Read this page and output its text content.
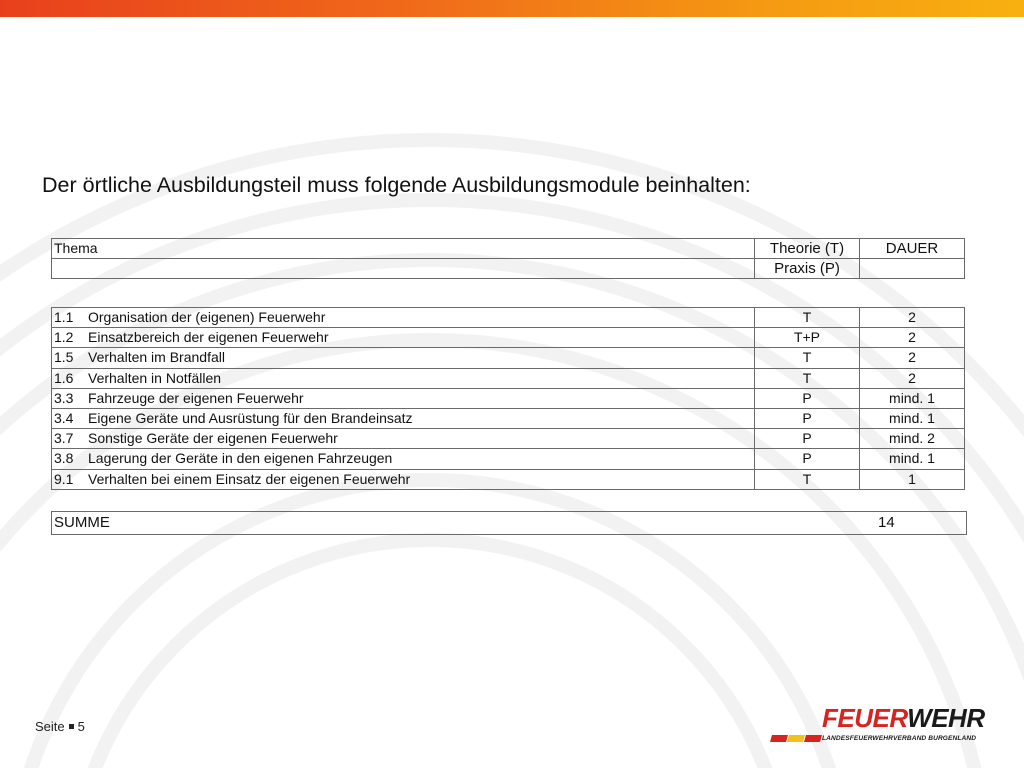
Der örtliche Ausbildungsteil muss folgende Ausbildungsmodule beinhalten:
Thema	Theorie (T)	DAUER
	Praxis (P)	
1.1	Organisation der (eigenen) Feuerwehr	T	2
1.2	Einsatzbereich der eigenen Feuerwehr	T+P	2
1.5	Verhalten im Brandfall	T	2
1.6	Verhalten in Notfällen	T	2
3.3	Fahrzeuge der eigenen Feuerwehr	P	mind. 1
3.4	Eigene Geräte und Ausrüstung für den Brandeinsatz	P	mind. 1
3.7	Sonstige Geräte der eigenen Feuerwehr	P	mind. 2
3.8	Lagerung der Geräte in den eigenen Fahrzeugen	P	mind. 1
9.1	Verhalten bei einem Einsatz der eigenen Feuerwehr	T	1
SUMME	14
Seite 5	FEUERWEHR
LANDESFEUERWEHRVERBAND BURGENLAND
